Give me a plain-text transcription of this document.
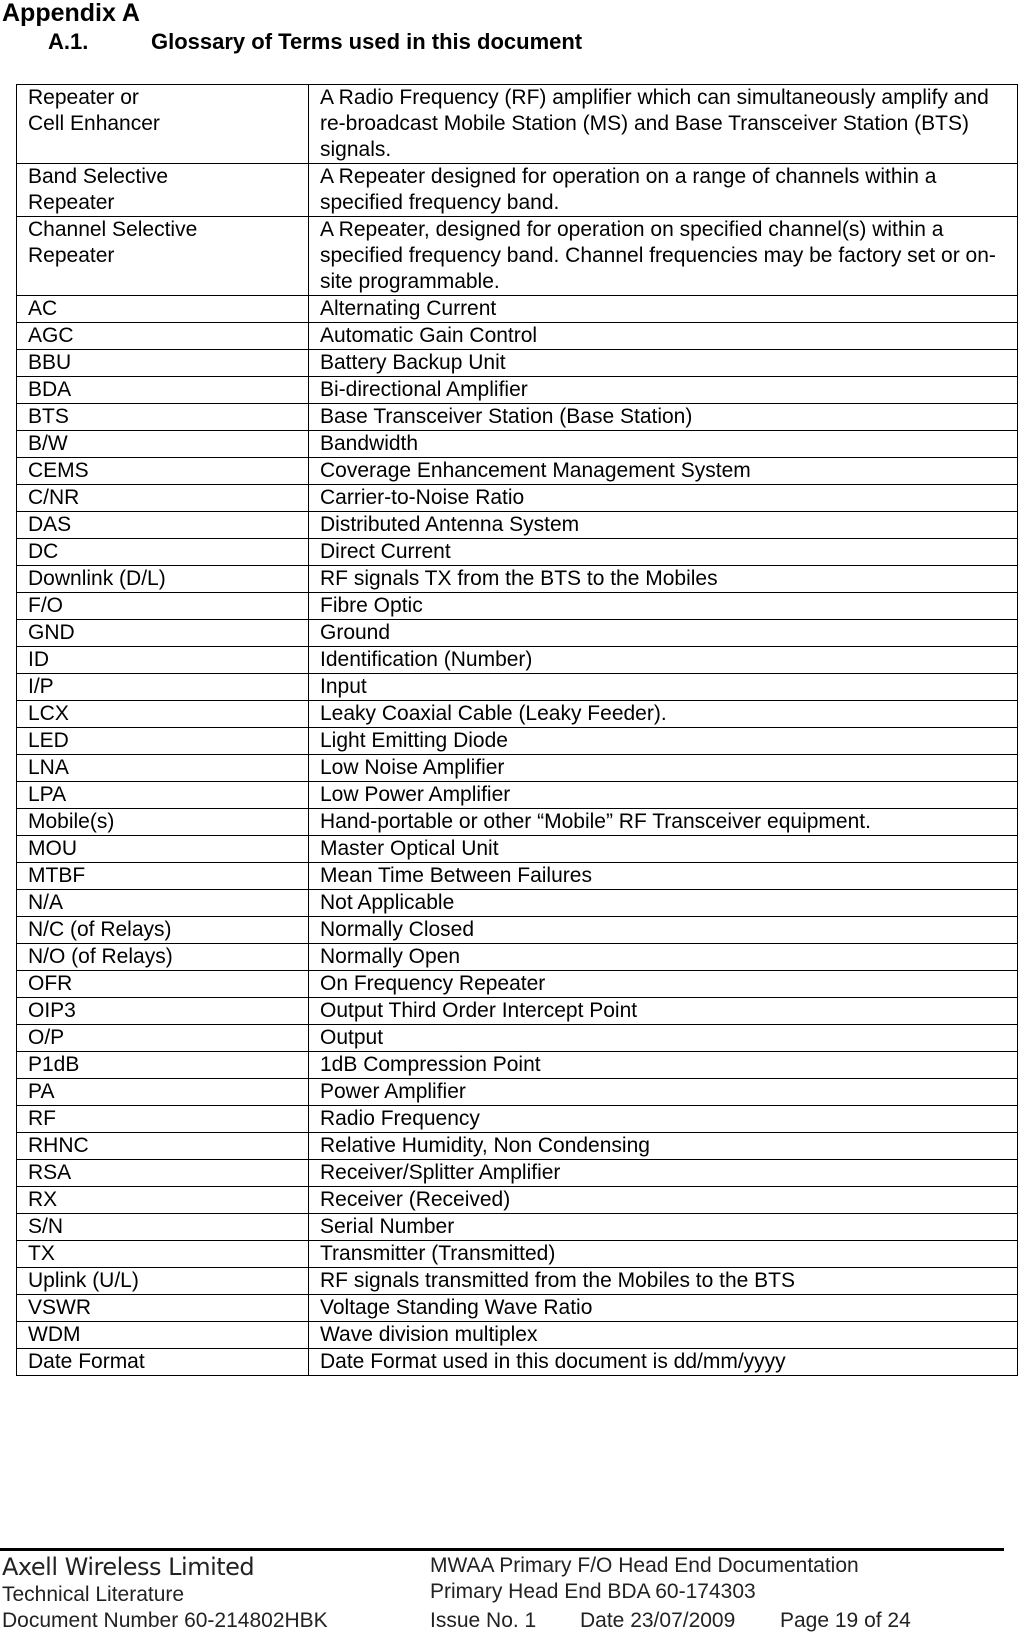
Appendix A
A.1.	Glossary of Terms used in this document
Repeater or
Cell Enhancer	A Radio Frequency (RF) amplifier which can simultaneously amplify and re-broadcast Mobile Station (MS) and Base Transceiver Station (BTS) signals.
Band Selective
Repeater	A Repeater designed for operation on a range of channels within a specified frequency band.
Channel Selective
Repeater	A Repeater, designed for operation on specified channel(s) within a specified frequency band. Channel frequencies may be factory set or on-site programmable.
AC	Alternating Current
AGC	Automatic Gain Control
BBU	Battery Backup Unit
BDA	Bi-directional Amplifier
BTS	Base Transceiver Station (Base Station)
B/W	Bandwidth
CEMS	Coverage Enhancement Management System
C/NR	Carrier-to-Noise Ratio
DAS	Distributed Antenna System
DC	Direct Current
Downlink (D/L)	RF signals TX from the BTS to the Mobiles
F/O	Fibre Optic
GND	Ground
ID	Identification (Number)
I/P	Input
LCX	Leaky Coaxial Cable (Leaky Feeder).
LED	Light Emitting Diode
LNA	Low Noise Amplifier
LPA	Low Power Amplifier
Mobile(s)	Hand-portable or other “Mobile” RF Transceiver equipment.
MOU	Master Optical Unit
MTBF	Mean Time Between Failures
N/A	Not Applicable
N/C (of Relays)	Normally Closed
N/O (of Relays)	Normally Open
OFR	On Frequency Repeater
OIP3	Output Third Order Intercept Point
O/P	Output
P1dB	1dB Compression Point
PA	Power Amplifier
RF	Radio Frequency
RHNC	Relative Humidity, Non Condensing
RSA	Receiver/Splitter Amplifier
RX	Receiver (Received)
S/N	Serial Number
TX	Transmitter (Transmitted)
Uplink (U/L)	RF signals transmitted from the Mobiles to the BTS
VSWR	Voltage Standing Wave Ratio
WDM	Wave division multiplex
Date Format	Date Format used in this document is dd/mm/yyyy
Axell Wireless Limited
Technical Literature
Document Number 60-214802HBK
MWAA Primary F/O Head End Documentation
Primary Head End BDA 60-174303
Issue No. 1 Date 23/07/2009 Page 19 of 24
